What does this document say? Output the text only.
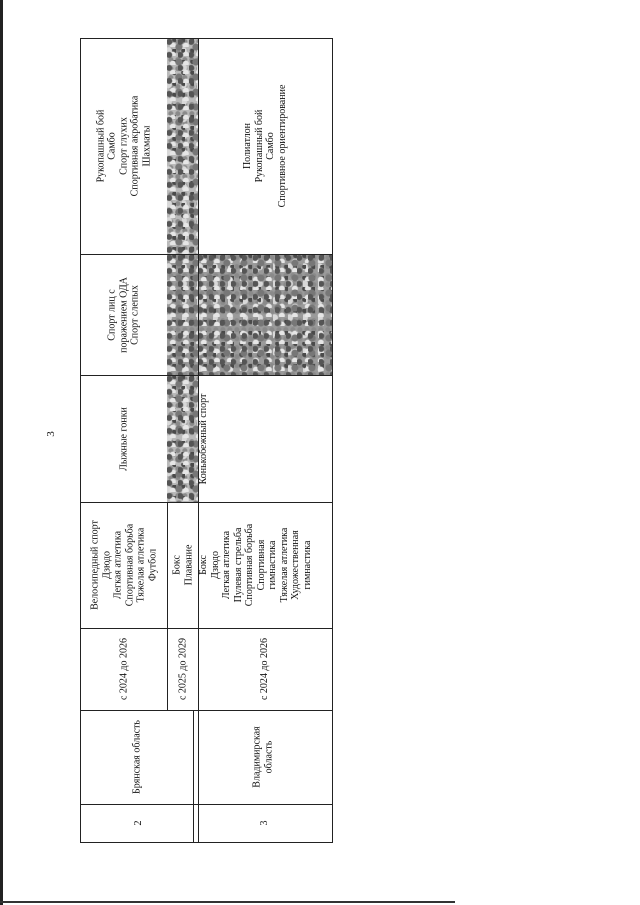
3
2
Брянская область
с 2024 до 2026	с 2025 до 2029
Велосипедный спорт Дзюдо Легкая атлетика Спортивная борьба Тяжелая атлетика Футбол Бокс Плавание
Лыжные гонки
Спорт лиц с поражением ОДА Спорт слепых
Рукопашный бой Самбо Спорт глухих Спортивная акробатика Шахматы
3
Владимирская область
с 2024 до 2026
Бокс Дзюдо Легкая атлетика Пулевая стрельба Спортивная борьба Спортивная гимнастика Тяжелая атлетика Художественная гимнастика
Конькобежный спорт
Полиатлон Рукопашный бой Самбо Спортивное ориентирование
